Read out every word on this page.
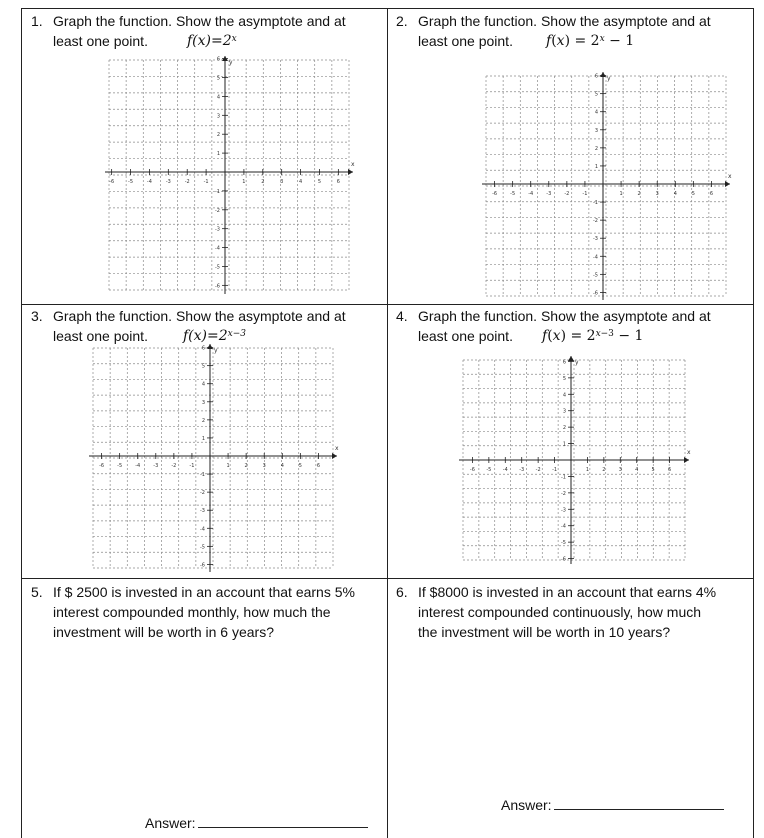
1. Graph the function. Show the asymptote and at
least one point.	$f(x)=2^x$
-6	-5	-4	-3	-2	-1	1	2	3	4	5	6
6
5
4
3
2
1
-1
-2
-3
-4
-5
-6
x
y
2. Graph the function. Show the asymptote and at
least one point. $f(x) = 2^x - 1$
-6	-5	-4	-3	-2	-1	1	2	3	4	5	6
6
5
4
3
2
1
-1
-2
-3
-4
-5
-6
x
y
3. Graph the function. Show the asymptote and at
least one point.	$f(x)=2^{x-3}$
-6	-5	-4	-3	-2	-1	1	2	3	4	5	6
6
5
4
3
2
1
-1
-2
-3
-4
-5
-6
x
y
4. Graph the function. Show the asymptote and at
least one point. $f(x) = 2^{x-3} - 1$
-6 -5 -4 -3 -2 -1	1	2	3	4	5	6
6
5
4
3
2
1
-1
-2
-3
-4
-5
-6
x
y
5. If $ 2500 is invested in an account that earns 5%
interest compounded monthly, how much the
investment will be worth in 6 years?
Answer:
6. If $8000 is invested in an account that earns 4%
interest compounded continuously, how much
the investment will be worth in 10 years?
Answer:
